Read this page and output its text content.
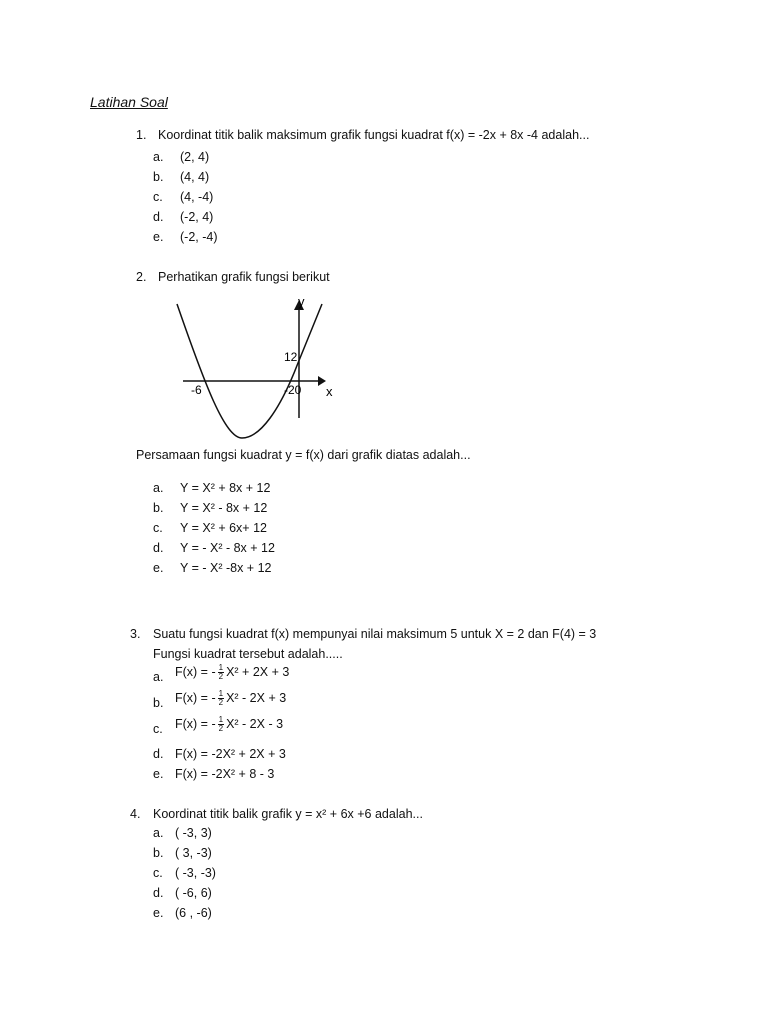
Latihan Soal
1. Koordinat titik balik maksimum grafik fungsi kuadrat f(x) = -2x + 8x -4 adalah...
a. (2, 4)
b. (4, 4)
c. (4, -4)
d. (-2, 4)
e. (-2, -4)
2. Perhatikan grafik fungsi berikut
y
x
12
-6	-20
Persamaan fungsi kuadrat y = f(x) dari grafik diatas adalah...
a. Y = X² + 8x + 12
b. Y = X² - 8x + 12
c. Y = X² + 6x+ 12
d. Y = - X² - 8x + 12
e. Y = - X² -8x + 12
3. Suatu fungsi kuadrat f(x) mempunyai nilai maksimum 5 untuk X = 2 dan F(4) = 3
Fungsi kuadrat tersebut adalah.....
a. F(x) = - $\frac{1}{2} X^2 + 2X + 3$
b. F(x) = - $\frac{1}{2} X^2 - 2X + 3$
c. F(x) = - $\frac{1}{2} X^2 - 2X - 3$
d. F(x) = -2X² + 2X + 3
e. F(x) = -2X² + 8 - 3
4. Koordinat titik balik grafik y = x² + 6x +6 adalah...
a. ( -3, 3)
b. ( 3, -3)
c. ( -3, -3)
d. ( -6, 6)
e. (6 , -6)
